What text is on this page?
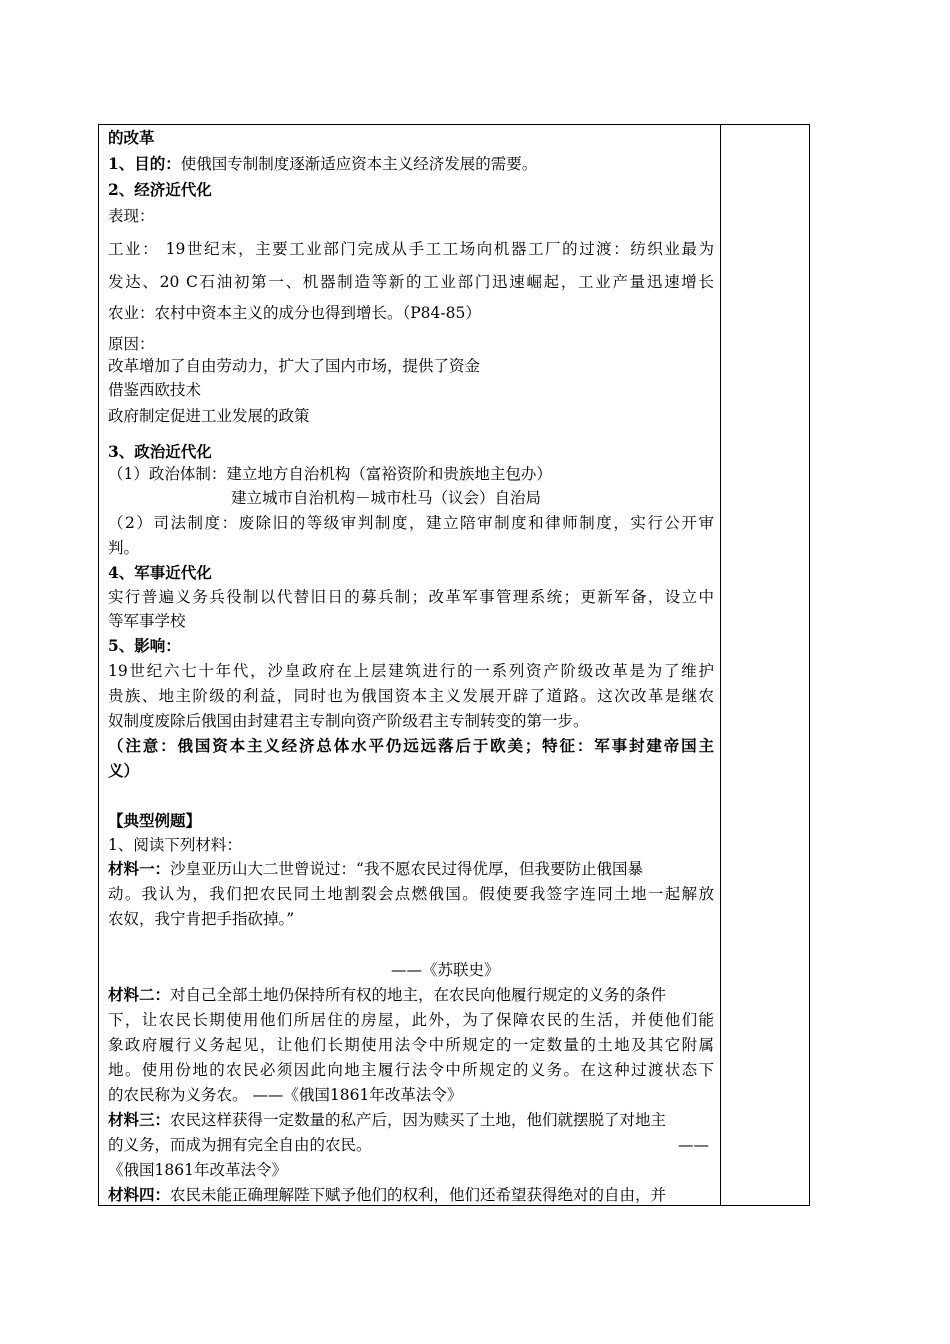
的改革
1、目的：使俄国专制制度逐渐适应资本主义经济发展的需要。
2、经济近代化
表现：
工业： 19世纪末，主要工业部门完成从手工工场向机器工厂的过渡：纺织业最为
发达、20 C石油初第一、机器制造等新的工业部门迅速崛起，工业产量迅速增长
农业：农村中资本主义的成分也得到增长。（P84-85）
原因：
改革增加了自由劳动力，扩大了国内市场，提供了资金
借鉴西欧技术
政府制定促进工业发展的政策
3、政治近代化
（1）政治体制：建立地方自治机构（富裕资阶和贵族地主包办）
建立城市自治机构－城市杜马（议会）自治局
（2）司法制度：废除旧的等级审判制度，建立陪审制度和律师制度，实行公开审
判。
4、军事近代化
实行普遍义务兵役制以代替旧日的募兵制；改革军事管理系统；更新军备，设立中
等军事学校
5、影响：
19世纪六七十年代，沙皇政府在上层建筑进行的一系列资产阶级改革是为了维护
贵族、地主阶级的利益，同时也为俄国资本主义发展开辟了道路。这次改革是继农
奴制度废除后俄国由封建君主专制向资产阶级君主专制转变的第一步。
（注意：俄国资本主义经济总体水平仍远远落后于欧美；特征：军事封建帝国主
义）
【典型例题】
1、阅读下列材料：
材料一：沙皇亚历山大二世曾说过：“我不愿农民过得优厚，但我要防止俄国暴
动。我认为，我们把农民同土地割裂会点燃俄国。假使要我签字连同土地一起解放
农奴，我宁肯把手指砍掉。”
——《苏联史》
材料二：对自己全部土地仍保持所有权的地主，在农民向他履行规定的义务的条件
下，让农民长期使用他们所居住的房屋，此外，为了保障农民的生活，并使他们能
象政府履行义务起见，让他们长期使用法令中所规定的一定数量的土地及其它附属
地。使用份地的农民必须因此向地主履行法令中所规定的义务。在这种过渡状态下
的农民称为义务农。 ——《俄国1861年改革法令》
材料三：农民这样获得一定数量的私产后，因为赎买了土地，他们就摆脱了对地主
的义务，而成为拥有完全自由的农民。	——
《俄国1861年改革法令》
材料四：农民未能正确理解陛下赋予他们的权利，他们还希望获得绝对的自由，并
